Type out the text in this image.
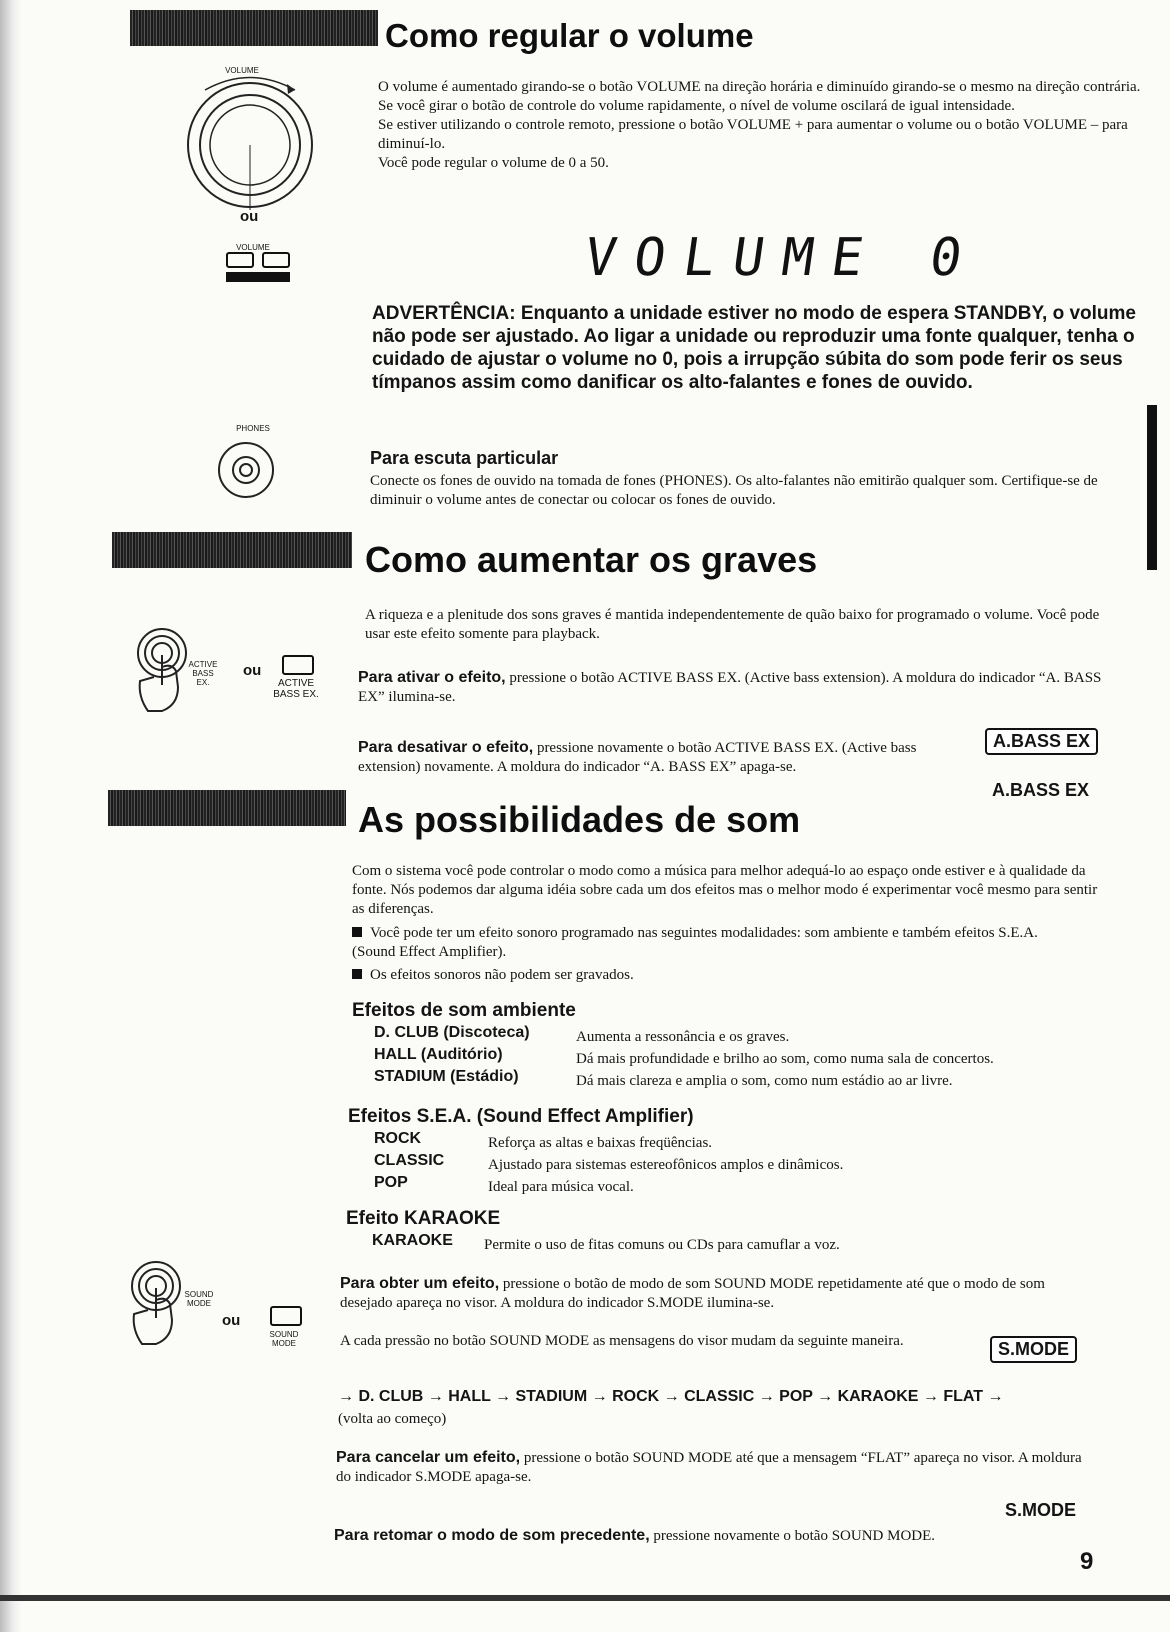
Como regular o volume
VOLUME
ou
VOLUME
O volume é aumentado girando-se o botão VOLUME na direção horária e diminuído girando-se o mesmo na direção contrária.
Se você girar o botão de controle do volume rapidamente, o nível de volume oscilará de igual intensidade.
Se estiver utilizando o controle remoto, pressione o botão VOLUME + para aumentar o volume ou o botão VOLUME – para diminuí-lo.
Você pode regular o volume de 0 a 50.
VOLUME 0
ADVERTÊNCIA: Enquanto a unidade estiver no modo de espera STANDBY, o volume não pode ser ajustado. Ao ligar a unidade ou reproduzir uma fonte qualquer, tenha o cuidado de ajustar o volume no 0, pois a irrupção súbita do som pode ferir os seus tímpanos assim como danificar os alto-falantes e fones de ouvido.
PHONES
Para escuta particular
Conecte os fones de ouvido na tomada de fones (PHONES). Os alto-falantes não emitirão qualquer som. Certifique-se de diminuir o volume antes de conectar ou colocar os fones de ouvido.
Como aumentar os graves
A riqueza e a plenitude dos sons graves é mantida independentemente de quão baixo for programado o volume. Você pode usar este efeito somente para playback.
ACTIVE BASS EX.
ou
ACTIVE BASS EX.
Para ativar o efeito, pressione o botão ACTIVE BASS EX. (Active bass extension). A moldura do indicador “A. BASS EX” ilumina-se.
A.BASS EX
Para desativar o efeito, pressione novamente o botão ACTIVE BASS EX. (Active bass extension) novamente. A moldura do indicador “A. BASS EX” apaga-se.
A.BASS EX
As possibilidades de som
Com o sistema você pode controlar o modo como a música para melhor adequá-lo ao espaço onde estiver e à qualidade da fonte. Nós podemos dar alguma idéia sobre cada um dos efeitos mas o melhor modo é experimentar você mesmo para sentir as diferenças.
Você pode ter um efeito sonoro programado nas seguintes modalidades: som ambiente e também efeitos S.E.A. (Sound Effect Amplifier).
Os efeitos sonoros não podem ser gravados.
Efeitos de som ambiente
D. CLUB (Discoteca)	Aumenta a ressonância e os graves.
HALL (Auditório)	Dá mais profundidade e brilho ao som, como numa sala de concertos.
STADIUM (Estádio)	Dá mais clareza e amplia o som, como num estádio ao ar livre.
Efeitos S.E.A. (Sound Effect Amplifier)
ROCK	Reforça as altas e baixas freqüências.
CLASSIC	Ajustado para sistemas estereofônicos amplos e dinâmicos.
POP	Ideal para música vocal.
Efeito KARAOKE
KARAOKE Permite o uso de fitas comuns ou CDs para camuflar a voz.
SOUND MODE
ou
SOUND MODE
Para obter um efeito, pressione o botão de modo de som SOUND MODE repetidamente até que o modo de som desejado apareça no visor. A moldura do indicador S.MODE ilumina-se.
A cada pressão no botão SOUND MODE as mensagens do visor mudam da seguinte maneira.	S.MODE
→ D. CLUB → HALL → STADIUM → ROCK → CLASSIC → POP → KARAOKE → FLAT →
(volta ao começo)
Para cancelar um efeito, pressione o botão SOUND MODE até que a mensagem “FLAT” apareça no visor. A moldura do indicador S.MODE apaga-se.
S.MODE
Para retomar o modo de som precedente, pressione novamente o botão SOUND MODE.
9
